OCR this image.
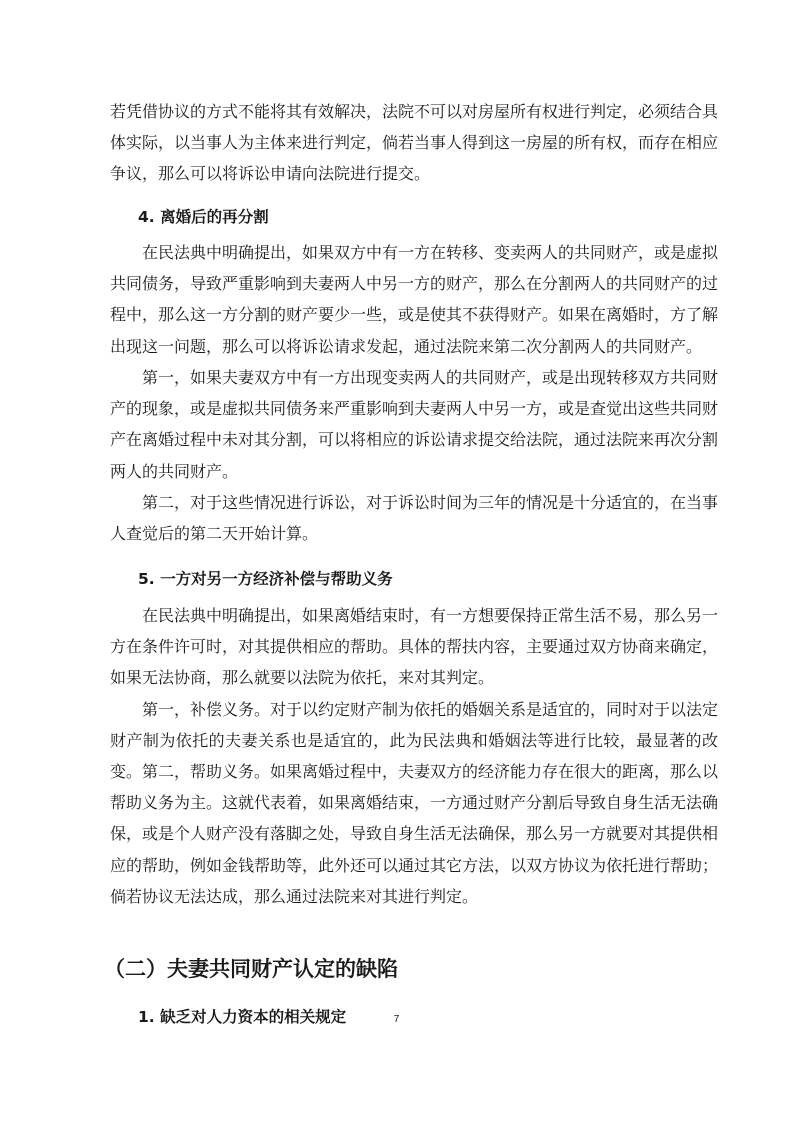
若凭借协议的方式不能将其有效解决，法院不可以对房屋所有权进行判定，必须结合具体实际，以当事人为主体来进行判定，倘若当事人得到这一房屋的所有权，而存在相应争议，那么可以将诉讼申请向法院进行提交。

4. 离婚后的再分割

在民法典中明确提出，如果双方中有一方在转移、变卖两人的共同财产，或是虚拟共同债务，导致严重影响到夫妻两人中另一方的财产，那么在分割两人的共同财产的过程中，那么这一方分割的财产要少一些，或是使其不获得财产。如果在离婚时，方了解出现这一问题，那么可以将诉讼请求发起，通过法院来第二次分割两人的共同财产。

第一，如果夫妻双方中有一方出现变卖两人的共同财产，或是出现转移双方共同财产的现象，或是虚拟共同债务来严重影响到夫妻两人中另一方，或是查觉出这些共同财产在离婚过程中未对其分割，可以将相应的诉讼请求提交给法院，通过法院来再次分割两人的共同财产。

第二，对于这些情况进行诉讼，对于诉讼时间为三年的情况是十分适宜的，在当事人查觉后的第二天开始计算。

5. 一方对另一方经济补偿与帮助义务

在民法典中明确提出，如果离婚结束时，有一方想要保持正常生活不易，那么另一方在条件许可时，对其提供相应的帮助。具体的帮扶内容，主要通过双方协商来确定，如果无法协商，那么就要以法院为依托，来对其判定。

第一，补偿义务。对于以约定财产制为依托的婚姻关系是适宜的，同时对于以法定财产制为依托的夫妻关系也是适宜的，此为民法典和婚姻法等进行比较，最显著的改变。 第二，帮助义务。如果离婚过程中，夫妻双方的经济能力存在很大的距离，那么以帮助义务为主。这就代表着，如果离婚结束，一方通过财产分割后导致自身生活无法确保，或是个人财产没有落脚之处，导致自身生活无法确保，那么另一方就要对其提供相应的帮助，例如金钱帮助等，此外还可以通过其它方法，以双方协议为依托进行帮助；倘若协议无法达成，那么通过法院来对其进行判定。

（二）夫妻共同财产认定的缺陷

1. 缺乏对人力资本的相关规定	7
